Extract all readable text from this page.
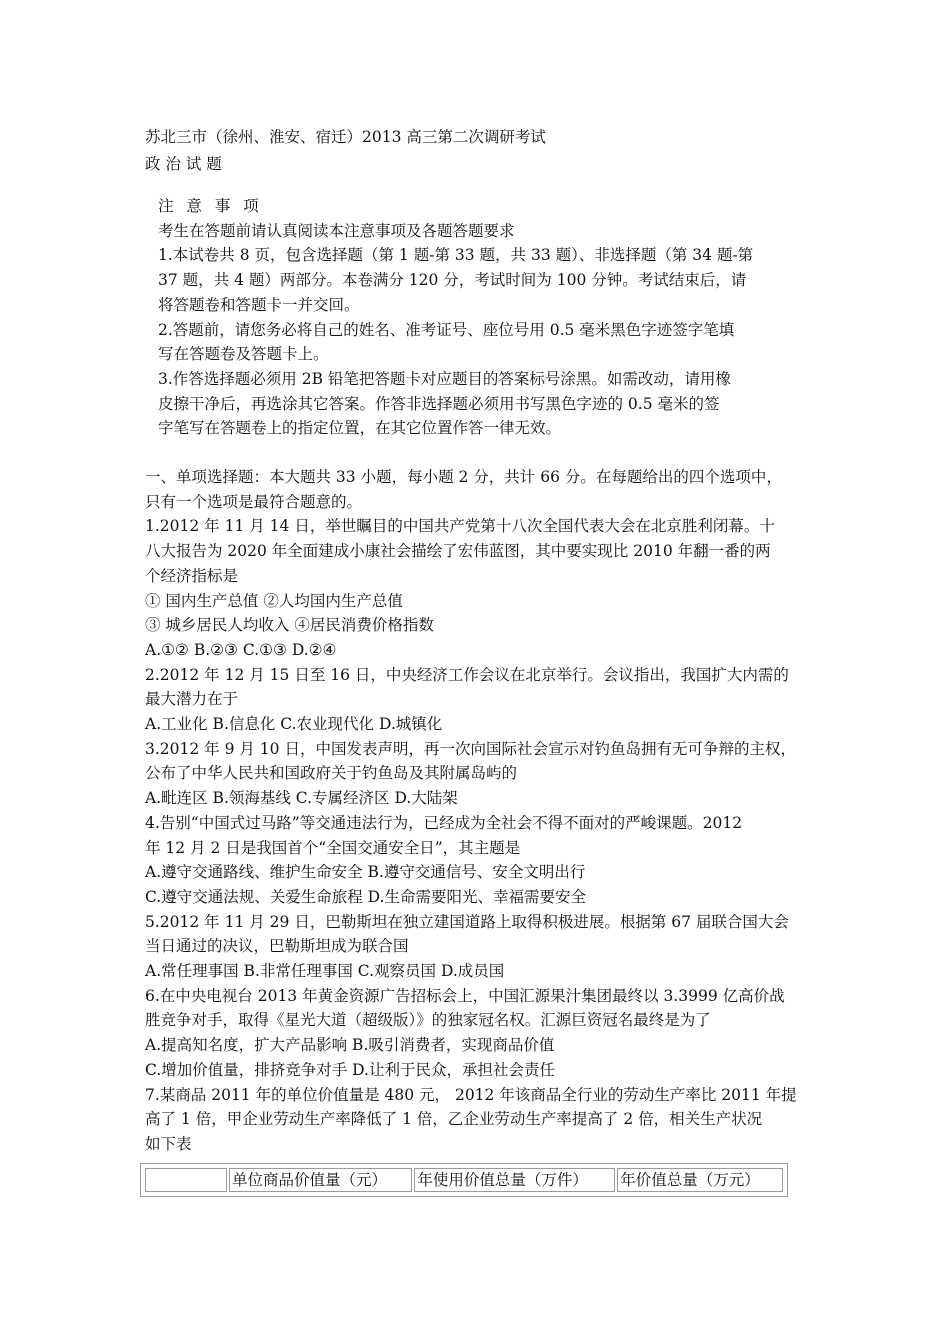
苏北三市（徐州、淮安、宿迁）2013 高三第二次调研考试
政 治 试 题
注 意 事 项
考生在答题前请认真阅读本注意事项及各题答题要求
1.本试卷共 8 页，包含选择题（第 1 题-第 33 题，共 33 题）、非选择题（第 34 题-第
37 题，共 4 题）两部分。本卷满分 120 分，考试时间为 100 分钟。考试结束后，请
将答题卷和答题卡一并交回。
2.答题前，请您务必将自己的姓名、准考证号、座位号用 0.5 毫米黑色字迹签字笔填
写在答题卷及答题卡上。
3.作答选择题必须用 2B 铅笔把答题卡对应题目的答案标号涂黑。如需改动，请用橡
皮擦干净后，再选涂其它答案。作答非选择题必须用书写黑色字迹的 0.5 毫米的签
字笔写在答题卷上的指定位置，在其它位置作答一律无效。
一、单项选择题：本大题共 33 小题，每小题 2 分，共计 66 分。在每题给出的四个选项中，
只有一个选项是最符合题意的。
1.2012 年 11 月 14 日，举世瞩目的中国共产党第十八次全国代表大会在北京胜利闭幕。十
八大报告为 2020 年全面建成小康社会描绘了宏伟蓝图，其中要实现比 2010 年翻一番的两
个经济指标是
① 国内生产总值 ②人均国内生产总值
③ 城乡居民人均收入 ④居民消费价格指数
A.①② B.②③ C.①③ D.②④
2.2012 年 12 月 15 日至 16 日，中央经济工作会议在北京举行。会议指出，我国扩大内需的
最大潜力在于
A.工业化 B.信息化 C.农业现代化 D.城镇化
3.2012 年 9 月 10 日，中国发表声明，再一次向国际社会宣示对钓鱼岛拥有无可争辩的主权，
公布了中华人民共和国政府关于钓鱼岛及其附属岛屿的
A.毗连区 B.领海基线 C.专属经济区 D.大陆架
4.告别“中国式过马路”等交通违法行为，已经成为全社会不得不面对的严峻课题。2012
年 12 月 2 日是我国首个“全国交通安全日”，其主题是
A.遵守交通路线、维护生命安全 B.遵守交通信号、安全文明出行
C.遵守交通法规、关爱生命旅程 D.生命需要阳光、幸福需要安全
5.2012 年 11 月 29 日，巴勒斯坦在独立建国道路上取得积极进展。根据第 67 届联合国大会
当日通过的决议，巴勒斯坦成为联合国
A.常任理事国 B.非常任理事国 C.观察员国 D.成员国
6.在中央电视台 2013 年黄金资源广告招标会上，中国汇源果汁集团最终以 3.3999 亿高价战
胜竞争对手，取得《星光大道（超级版）》的独家冠名权。汇源巨资冠名最终是为了
A.提高知名度，扩大产品影响 B.吸引消费者，实现商品价值
C.增加价值量，排挤竞争对手 D.让利于民众，承担社会责任
7.某商品 2011 年的单位价值量是 480 元， 2012 年该商品全行业的劳动生产率比 2011 年提
高了 1 倍，甲企业劳动生产率降低了 1 倍，乙企业劳动生产率提高了 2 倍，相关生产状况
如下表
	单位商品价值量（元）	年使用价值总量（万件）	年价值总量（万元）
